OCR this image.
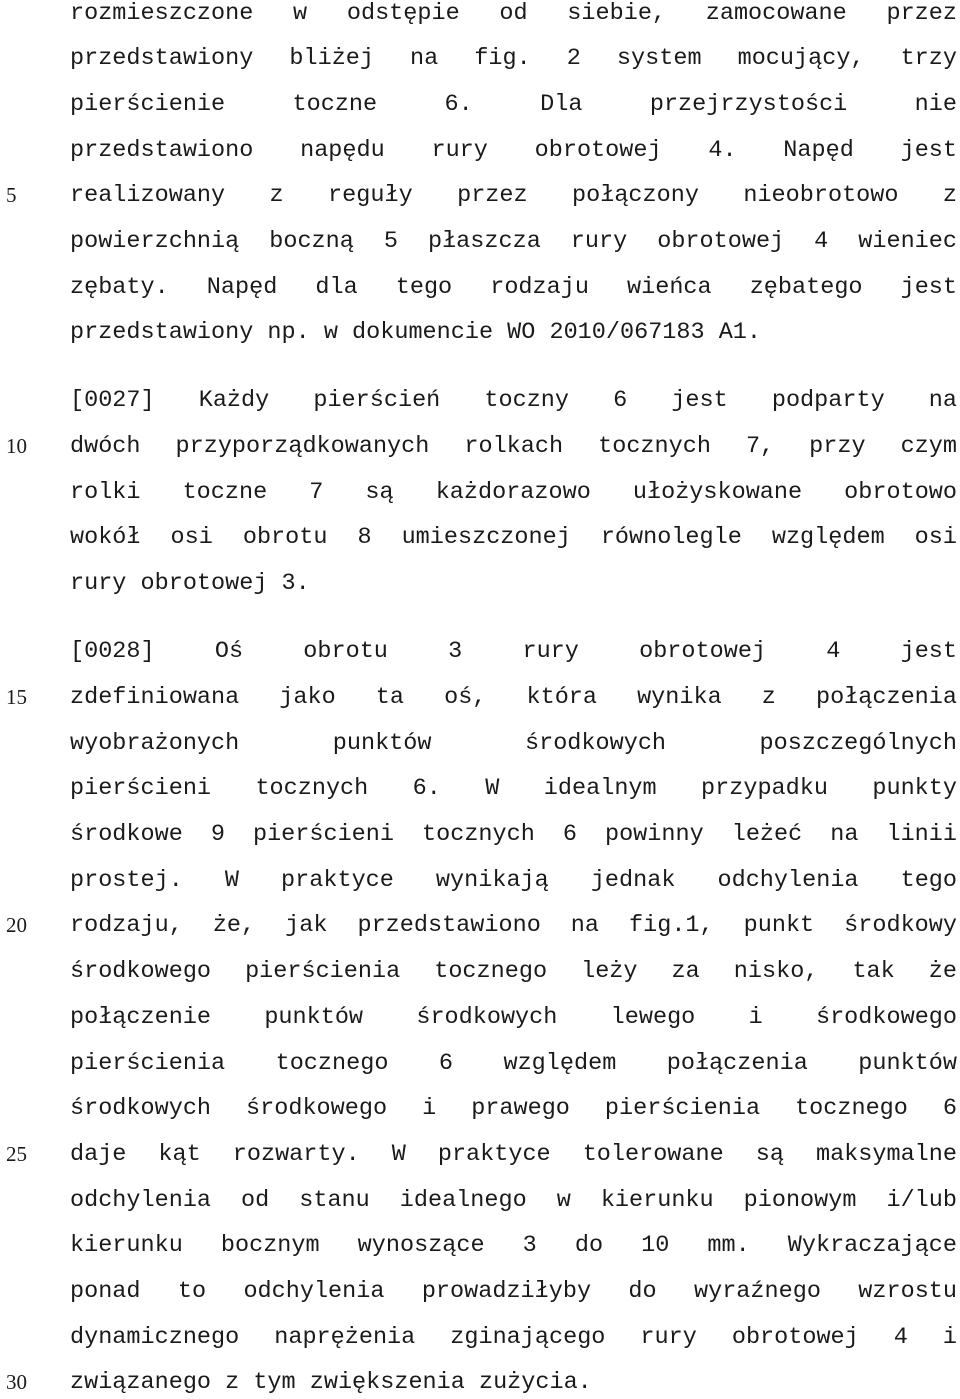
5
10
15
20
25
30
rozmieszczone w odstępie od siebie, zamocowane przez
przedstawiony bliżej na fig. 2 system mocujący, trzy
pierścienie toczne 6. Dla przejrzystości nie
przedstawiono napędu rury obrotowej 4. Napęd jest
realizowany z reguły przez połączony nieobrotowo z
powierzchnią boczną 5 płaszcza rury obrotowej 4 wieniec
zębaty. Napęd dla tego rodzaju wieńca zębatego jest
przedstawiony np. w dokumencie WO 2010/067183 A1.
[0027] Każdy pierścień toczny 6 jest podparty na
dwóch przyporządkowanych rolkach tocznych 7, przy czym
rolki toczne 7 są każdorazowo ułożyskowane obrotowo
wokół osi obrotu 8 umieszczonej równolegle względem osi
rury obrotowej 3.
[0028] Oś obrotu 3 rury obrotowej 4 jest
zdefiniowana jako ta oś, która wynika z połączenia
wyobrażonych punktów środkowych poszczególnych
pierścieni tocznych 6. W idealnym przypadku punkty
środkowe 9 pierścieni tocznych 6 powinny leżeć na linii
prostej. W praktyce wynikają jednak odchylenia tego
rodzaju, że, jak przedstawiono na fig.1, punkt środkowy
środkowego pierścienia tocznego leży za nisko, tak że
połączenie punktów środkowych lewego i środkowego
pierścienia tocznego 6 względem połączenia punktów
środkowych środkowego i prawego pierścienia tocznego 6
daje kąt rozwarty. W praktyce tolerowane są maksymalne
odchylenia od stanu idealnego w kierunku pionowym i/lub
kierunku bocznym wynoszące 3 do 10 mm. Wykraczające
ponad to odchylenia prowadziłyby do wyraźnego wzrostu
dynamicznego naprężenia zginającego rury obrotowej 4 i
związanego z tym zwiększenia zużycia.
